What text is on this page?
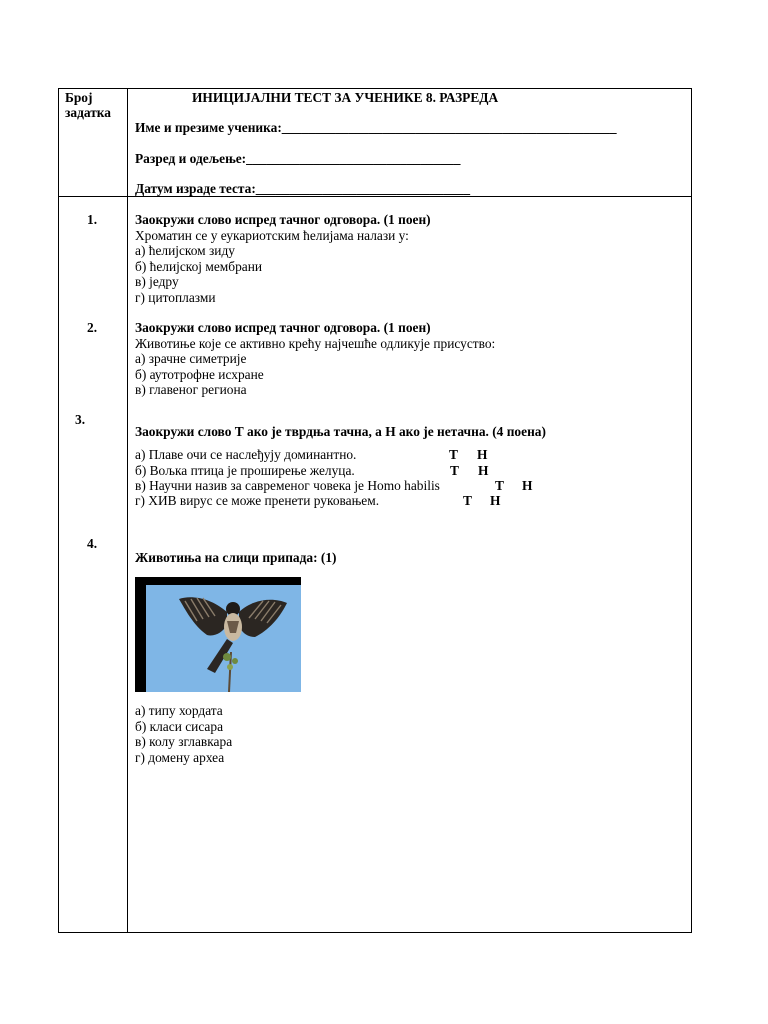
Број
задатка
ИНИЦИЈАЛНИ ТЕСТ ЗА УЧЕНИКЕ 8. РАЗРЕДА
Име и презиме ученика:__________________________________________________
Разред и одељење:________________________________
Датум израде теста:________________________________
1.	Заокружи слово испред тачног одговора. (1 поен)
Хроматин се у еукариотским ћелијама налази у:
а) ћелијском зиду
б) ћелијској мембрани
в) једру
г) цитоплазми
2.	Заокружи слово испред тачног одговора. (1 поен)
Животиње које се активно крећу најчешће одликује присуство:
а) зрачне симетрије
б) аутотрофне исхране
в) главеног региона
3.
Заокружи слово Т ако је тврдња тачна, а Н ако је нетачна. (4 поена)
а) Плаве очи се наслеђују доминантно.	Т Н
б) Вољка птица је проширење желуца.	Т Н
в) Научни назив за савременог човека је Homo habilis	Т Н
г) ХИВ вирус се може пренети руковањем.	Т Н
4.
Животиња на слици припада: (1)
а) типу хордата
б) класи сисара
в) колу зглавкара
г) домену археа
